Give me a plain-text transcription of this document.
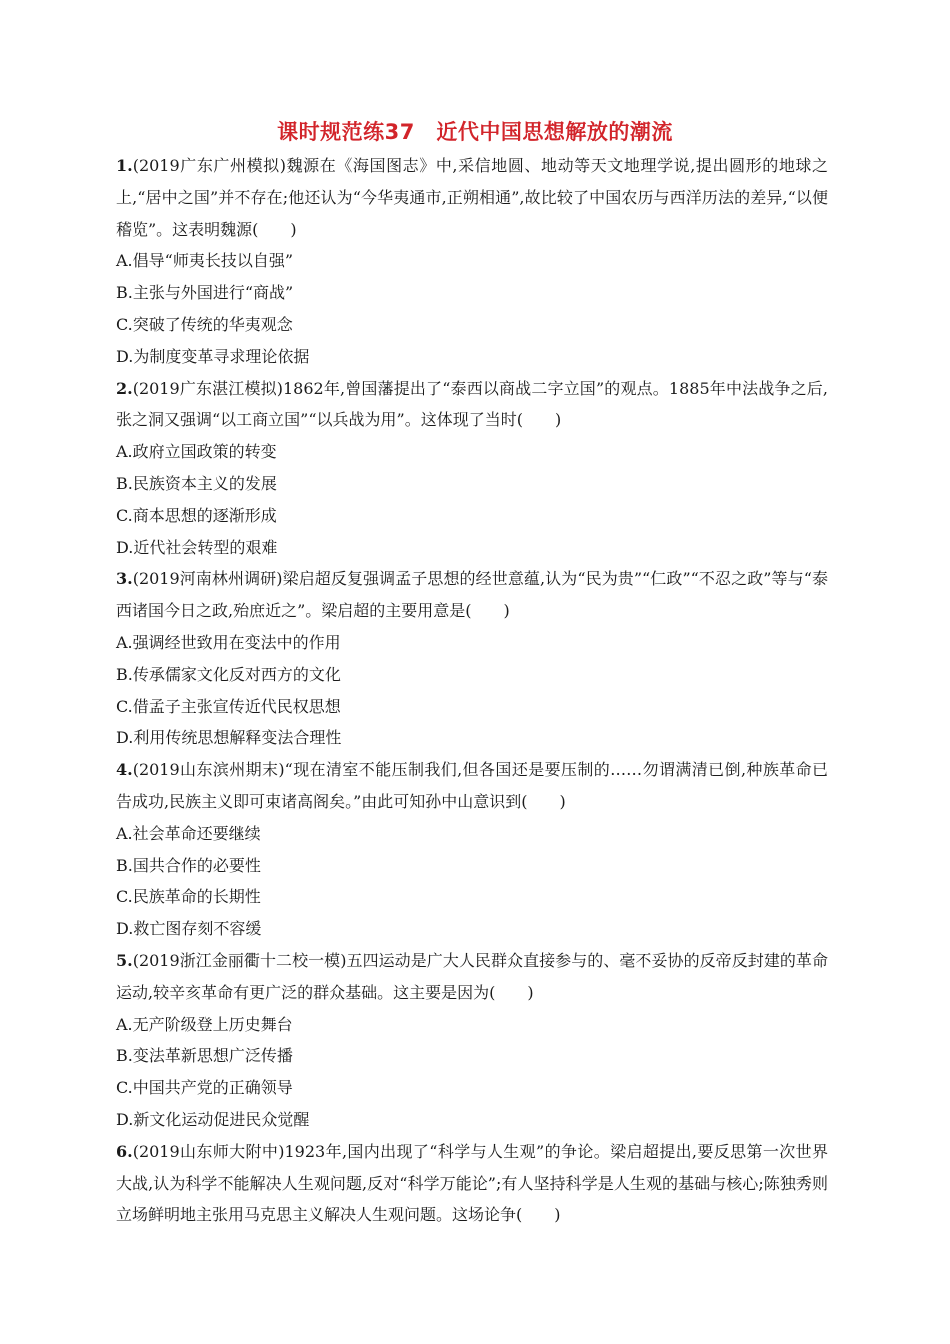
课时规范练37　近代中国思想解放的潮流

1.(2019广东广州模拟)魏源在《海国图志》中,采信地圆、地动等天文地理学说,提出圆形的地球之上,“居中之国”并不存在;他还认为“今华夷通市,正朔相通”,故比较了中国农历与西洋历法的差异,“以便稽览”。这表明魏源(　　)

A.倡导“师夷长技以自强”

B.主张与外国进行“商战”

C.突破了传统的华夷观念

D.为制度变革寻求理论依据

2.(2019广东湛江模拟)1862年,曾国藩提出了“泰西以商战二字立国”的观点。1885年中法战争之后,张之洞又强调“以工商立国”“以兵战为用”。这体现了当时(　　)

A.政府立国政策的转变

B.民族资本主义的发展

C.商本思想的逐渐形成

D.近代社会转型的艰难

3.(2019河南林州调研)梁启超反复强调孟子思想的经世意蕴,认为“民为贵”“仁政”“不忍之政”等与“泰西诸国今日之政,殆庶近之”。梁启超的主要用意是(　　)

A.强调经世致用在变法中的作用

B.传承儒家文化反对西方的文化

C.借孟子主张宣传近代民权思想

D.利用传统思想解释变法合理性

4.(2019山东滨州期末)“现在清室不能压制我们,但各国还是要压制的……勿谓满清已倒,种族革命已告成功,民族主义即可束诸高阁矣。”由此可知孙中山意识到(　　)

A.社会革命还要继续

B.国共合作的必要性

C.民族革命的长期性

D.救亡图存刻不容缓

5.(2019浙江金丽衢十二校一模)五四运动是广大人民群众直接参与的、毫不妥协的反帝反封建的革命运动,较辛亥革命有更广泛的群众基础。这主要是因为(　　)

A.无产阶级登上历史舞台

B.变法革新思想广泛传播

C.中国共产党的正确领导

D.新文化运动促进民众觉醒

6.(2019山东师大附中)1923年,国内出现了“科学与人生观”的争论。梁启超提出,要反思第一次世界大战,认为科学不能解决人生观问题,反对“科学万能论”;有人坚持科学是人生观的基础与核心;陈独秀则立场鲜明地主张用马克思主义解决人生观问题。这场论争(　　)
